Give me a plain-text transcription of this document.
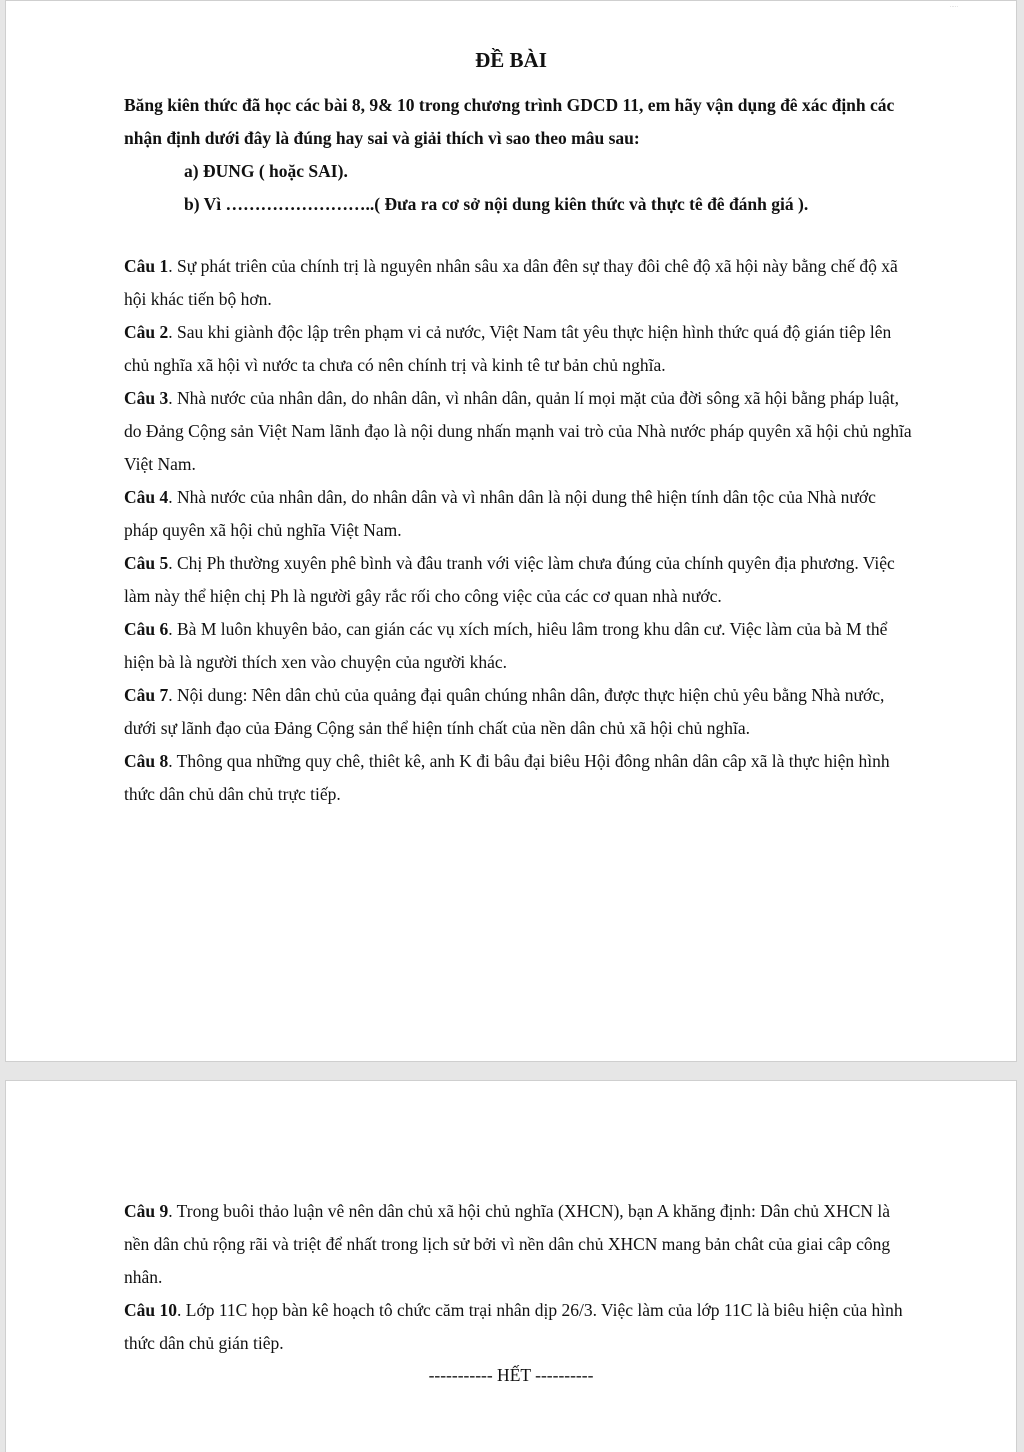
·····
ĐỀ BÀI

Băng kiên thức đã học các bài 8, 9& 10 trong chương trình GDCD 11, em hãy vận dụng đê xác định các nhận định dưới đây là đúng hay sai và giải thích vì sao theo mâu sau:

a) ĐUNG ( hoặc SAI).

b) Vì ……………………..( Đưa ra cơ sở nội dung kiên thức và thực tê đê đánh giá ).

Câu 1. Sự phát triên của chính trị là nguyên nhân sâu xa dân đên sự thay đôi chê độ xã hội này bằng chế độ xã hội khác tiến bộ hơn.

Câu 2. Sau khi giành độc lập trên phạm vi cả nước, Việt Nam tât yêu thực hiện hình thức quá độ gián tiêp lên chủ nghĩa xã hội vì nước ta chưa có nên chính trị và kinh tê tư bản chủ nghĩa.

Câu 3. Nhà nước của nhân dân, do nhân dân, vì nhân dân, quản lí mọi mặt của đời sông xã hội bằng pháp luật, do Đảng Cộng sản Việt Nam lãnh đạo là nội dung nhấn mạnh vai trò của Nhà nước pháp quyên xã hội chủ nghĩa Việt Nam.

Câu 4. Nhà nước của nhân dân, do nhân dân và vì nhân dân là nội dung thê hiện tính dân tộc của Nhà nước pháp quyên xã hội chủ nghĩa Việt Nam.

Câu 5. Chị Ph thường xuyên phê bình và đâu tranh với việc làm chưa đúng của chính quyên địa phương. Việc làm này thể hiện chị Ph là người gây rắc rối cho công việc của các cơ quan nhà nước.

Câu 6. Bà M luôn khuyên bảo, can gián các vụ xích mích, hiêu lâm trong khu dân cư. Việc làm của bà M thể hiện bà là người thích xen vào chuyện của người khác.

Câu 7. Nội dung: Nên dân chủ của quảng đại quân chúng nhân dân, được thực hiện chủ yêu bằng Nhà nước, dưới sự lãnh đạo của Đảng Cộng sản thể hiện tính chất của nền dân chủ xã hội chủ nghĩa.

Câu 8. Thông qua những quy chê, thiêt kê, anh K đi bâu đại biêu Hội đông nhân dân câp xã là thực hiện hình thức dân chủ dân chủ trực tiếp.

Câu 9. Trong buôi thảo luận vê nên dân chủ xã hội chủ nghĩa (XHCN), bạn A khăng định: Dân chủ XHCN là nền dân chủ rộng rãi và triệt để nhất trong lịch sử bởi vì nền dân chủ XHCN mang bản chât của giai câp công nhân.

Câu 10. Lớp 11C họp bàn kê hoạch tô chức căm trại nhân dịp 26/3. Việc làm của lớp 11C là biêu hiện của hình thức dân chủ gián tiêp.

----------- HẾT ----------
